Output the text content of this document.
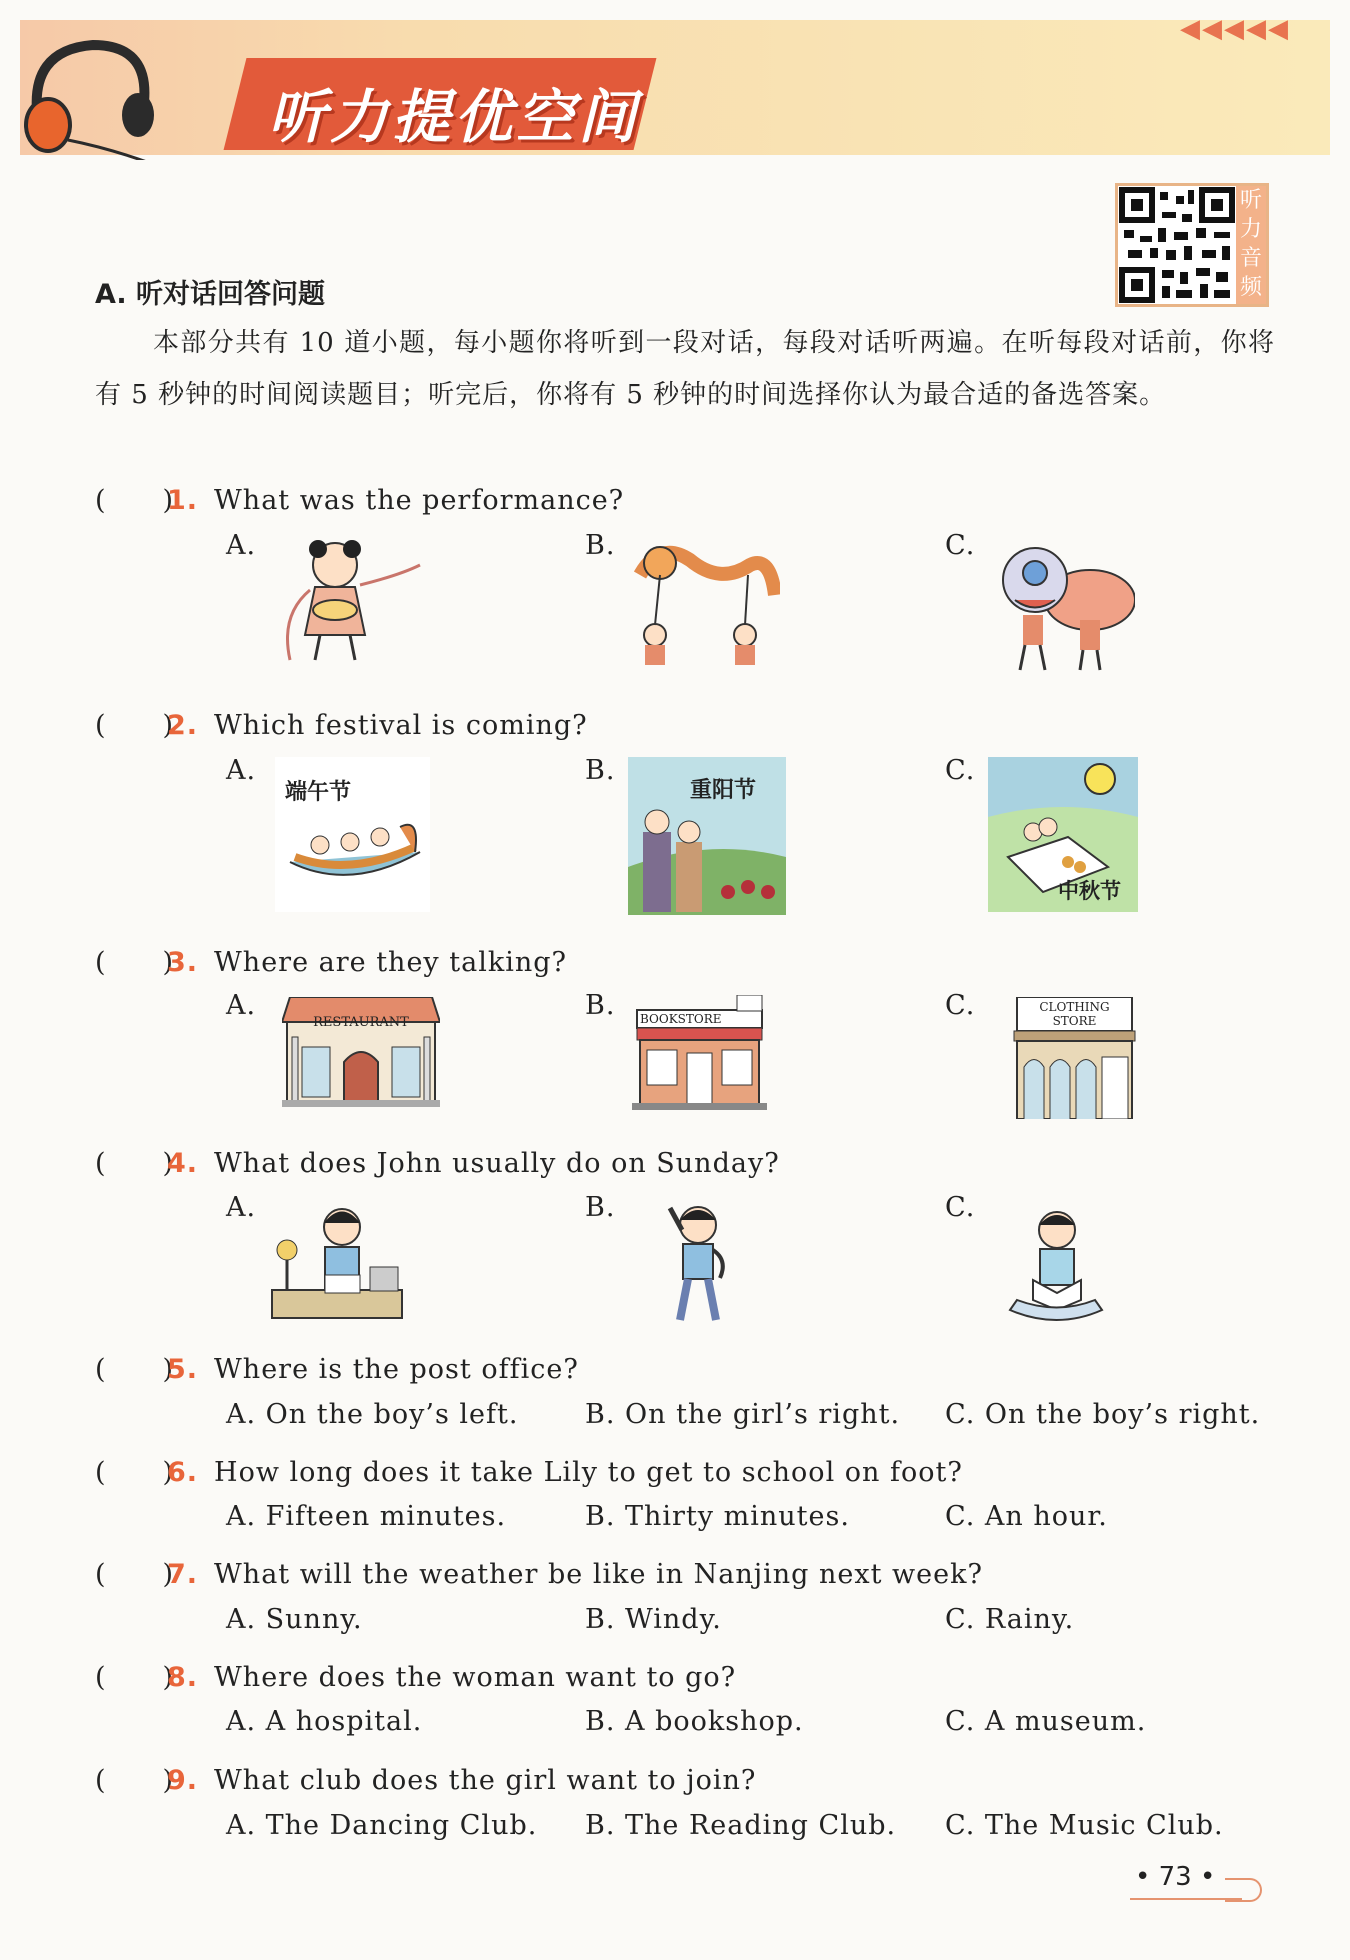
听力提优空间
◀◀◀◀◀
听力音频
A. 听对话回答问题
本部分共有 10 道小题，每小题你将听到一段对话，每段对话听两遍。在听每段对话前，你将有 5 秒钟的时间阅读题目；听完后，你将有 5 秒钟的时间选择你认为最合适的备选答案。
(　　)1. What was the performance?
A.	B.	C.
(　　)2. Which festival is coming?
A.	B.	C.
端午节	重阳节
中秋节
(　　)3. Where are they talking?
A.	B.	C.
RESTAURANT	BOOKSTORE
CLOTHING
STORE
(　　)4. What does John usually do on Sunday?
A.	B.	C.
(　　)5. Where is the post office?
A. On the boy’s left. B. On the girl’s right. C. On the boy’s right.
(　　)6. How long does it take Lily to get to school on foot?
A. Fifteen minutes.	B. Thirty minutes.	C. An hour.
(　　)7. What will the weather be like in Nanjing next week?
A. Sunny.	B. Windy.	C. Rainy.
(　　)8. Where does the woman want to go?
A. A hospital.	B. A bookshop.	C. A museum.
(　　)9. What club does the girl want to join?
A. The Dancing Club. B. The Reading Club. C. The Music Club.
• 73 •
